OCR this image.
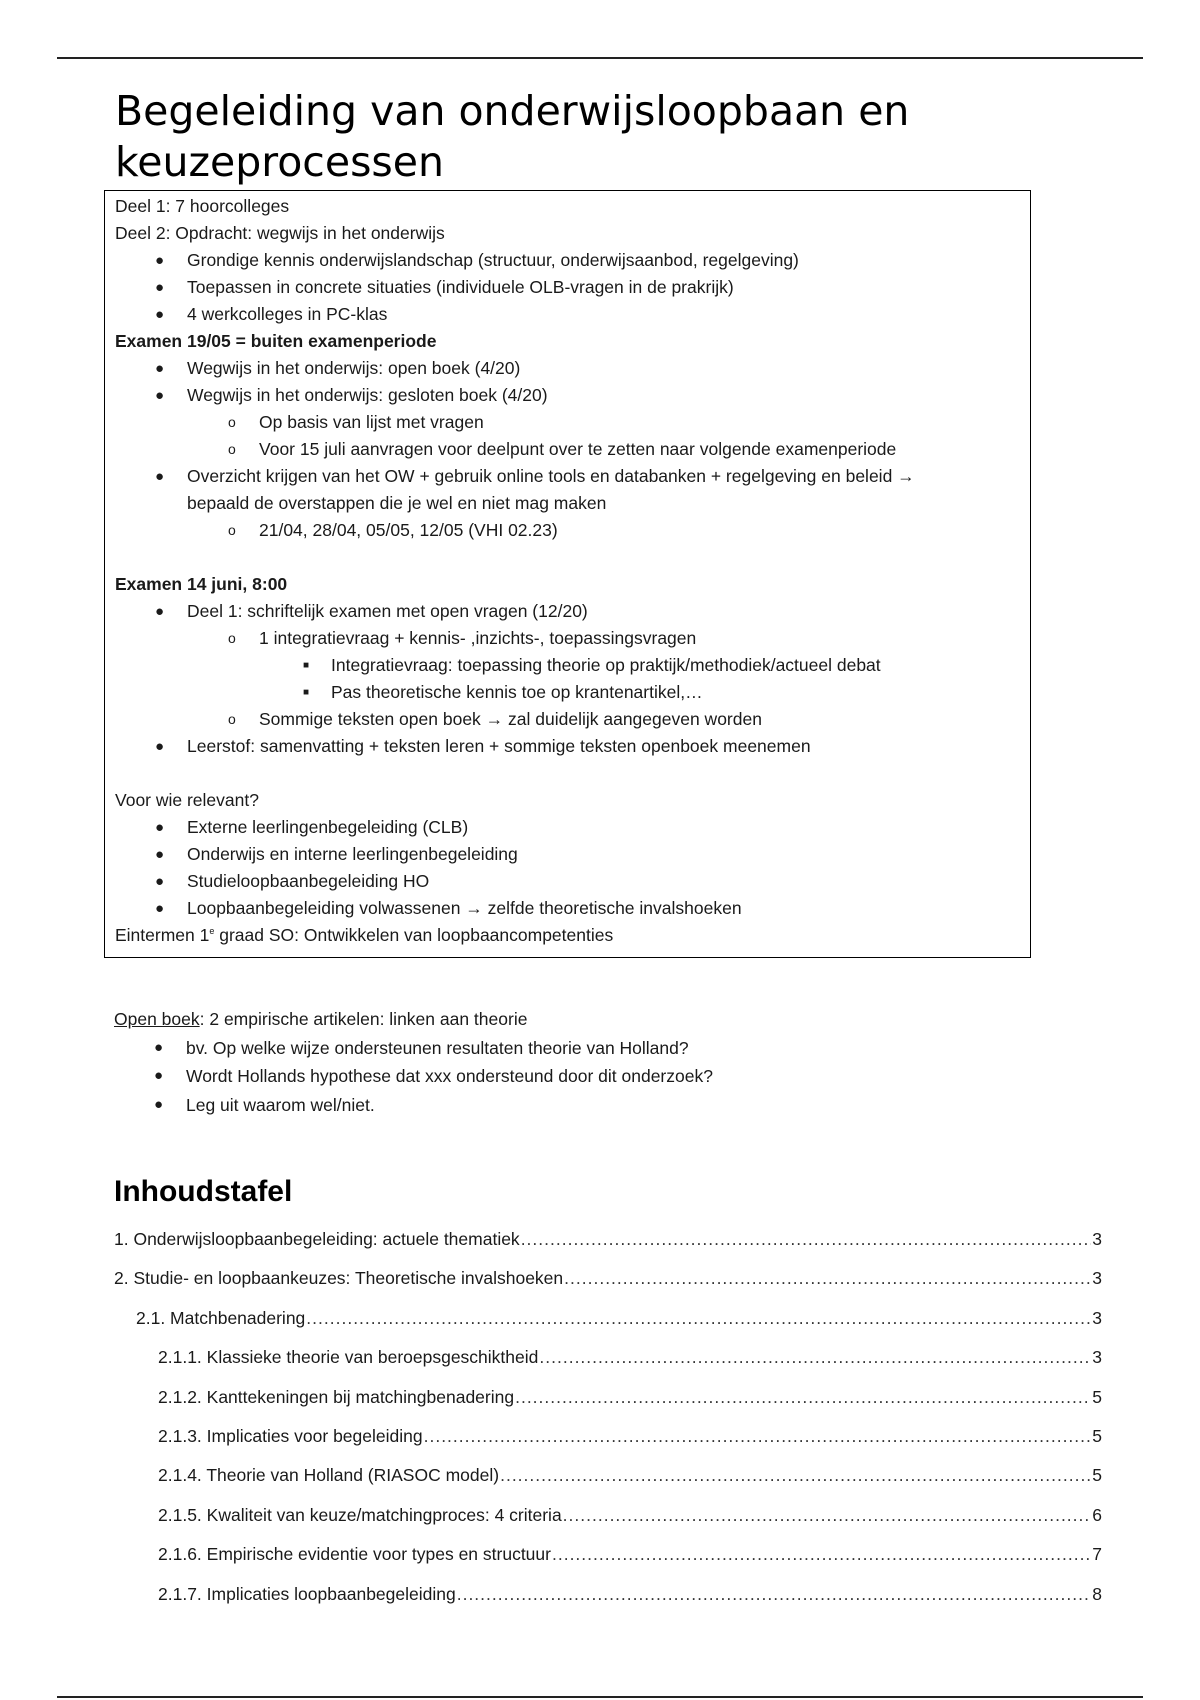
Begeleiding van onderwijsloopbaan en keuzeprocessen
Deel 1: 7 hoorcolleges
Deel 2: Opdracht: wegwijs in het onderwijs
● Grondige kennis onderwijslandschap (structuur, onderwijsaanbod, regelgeving)
● Toepassen in concrete situaties (individuele OLB-vragen in de prakrijk)
● 4 werkcolleges in PC-klas
Examen 19/05 = buiten examenperiode
● Wegwijs in het onderwijs: open boek (4/20)
● Wegwijs in het onderwijs: gesloten boek (4/20)
o Op basis van lijst met vragen
o Voor 15 juli aanvragen voor deelpunt over te zetten naar volgende examenperiode
● Overzicht krijgen van het OW + gebruik online tools en databanken + regelgeving en beleid →
bepaald de overstappen die je wel en niet mag maken
o 21/04, 28/04, 05/05, 12/05 (VHI 02.23)
Examen 14 juni, 8:00
● Deel 1: schriftelijk examen met open vragen (12/20)
o 1 integratievraag + kennis- ,inzichts-, toepassingsvragen
■ Integratievraag: toepassing theorie op praktijk/methodiek/actueel debat
■ Pas theoretische kennis toe op krantenartikel,…
o Sommige teksten open boek → zal duidelijk aangegeven worden
● Leerstof: samenvatting + teksten leren + sommige teksten openboek meenemen
Voor wie relevant?
● Externe leerlingenbegeleiding (CLB)
● Onderwijs en interne leerlingenbegeleiding
● Studieloopbaanbegeleiding HO
● Loopbaanbegeleiding volwassenen → zelfde theoretische invalshoeken
Eintermen 1e graad SO: Ontwikkelen van loopbaancompetenties
Open boek: 2 empirische artikelen: linken aan theorie
● bv. Op welke wijze ondersteunen resultaten theorie van Holland?
● Wordt Hollands hypothese dat xxx ondersteund door dit onderzoek?
● Leg uit waarom wel/niet.
Inhoudstafel
1. Onderwijsloopbaanbegeleiding: actuele thematiek .....	3
2. Studie- en loopbaankeuzes: Theoretische invalshoeken .....	3
2.1. Matchbenadering .....	3
2.1.1. Klassieke theorie van beroepsgeschiktheid .....	3
2.1.2. Kanttekeningen bij matchingbenadering .....	5
2.1.3. Implicaties voor begeleiding .....	5
2.1.4. Theorie van Holland (RIASOC model) .....	5
2.1.5. Kwaliteit van keuze/matchingproces: 4 criteria .....	6
2.1.6. Empirische evidentie voor types en structuur .....	7
2.1.7. Implicaties loopbaanbegeleiding .....	8
